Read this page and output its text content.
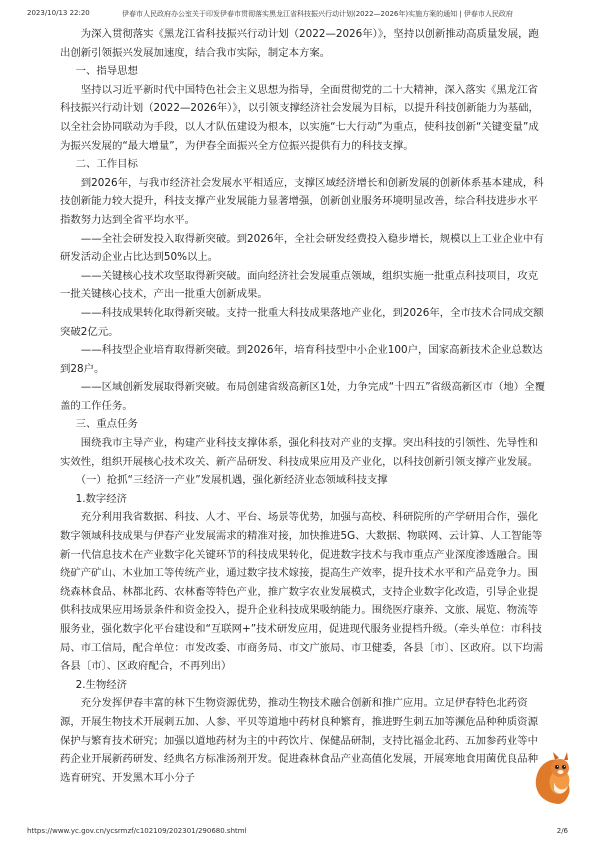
2023/10/13 22:20	伊春市人民政府办公室关于印发伊春市贯彻落实黑龙江省科技振兴行动计划(2022—2026年)实施方案的通知 | 伊春市人民政府

为深入贯彻落实《黑龙江省科技振兴行动计划（2022—2026年）》，坚持以创新推动高质量发展，跑出创新引领振兴发展加速度，结合我市实际，制定本方案。

一、指导思想

坚持以习近平新时代中国特色社会主义思想为指导，全面贯彻党的二十大精神，深入落实《黑龙江省科技振兴行动计划（2022—2026年）》，以引领支撑经济社会发展为目标，以提升科技创新能力为基础，以全社会协同联动为手段，以人才队伍建设为根本，以实施“七大行动”为重点，使科技创新“关键变量”成为振兴发展的“最大增量”，为伊春全面振兴全方位振兴提供有力的科技支撑。

二、工作目标

到2026年，与我市经济社会发展水平相适应，支撑区域经济增长和创新发展的创新体系基本建成，科技创新能力较大提升，科技支撑产业发展能力显著增强，创新创业服务环境明显改善，综合科技进步水平指数努力达到全省平均水平。

——全社会研发投入取得新突破。到2026年，全社会研发经费投入稳步增长，规模以上工业企业中有研发活动企业占比达到50%以上。

——关键核心技术攻坚取得新突破。面向经济社会发展重点领域，组织实施一批重点科技项目，攻克一批关键核心技术，产出一批重大创新成果。

——科技成果转化取得新突破。支持一批重大科技成果落地产业化，到2026年，全市技术合同成交额突破2亿元。

——科技型企业培育取得新突破。到2026年，培育科技型中小企业100户，国家高新技术企业总数达到28户。

——区域创新发展取得新突破。布局创建省级高新区1处，力争完成“十四五”省级高新区市（地）全覆盖的工作任务。

三、重点任务

围绕我市主导产业，构建产业科技支撑体系，强化科技对产业的支撑。突出科技的引领性、先导性和实效性，组织开展核心技术攻关、新产品研发、科技成果应用及产业化，以科技创新引领支撑产业发展。

（一）抢抓“三经济一产业”发展机遇，强化新经济业态领域科技支撑

1.数字经济

充分利用我省数据、科技、人才、平台、场景等优势，加强与高校、科研院所的产学研用合作，强化数字领域科技成果与伊春产业发展需求的精准对接，加快推进5G、大数据、物联网、云计算、人工智能等新一代信息技术在产业数字化关键环节的科技成果转化，促进数字技术与我市重点产业深度渗透融合。围绕矿产矿山、木业加工等传统产业，通过数字技术嫁接，提高生产效率，提升技术水平和产品竞争力。围绕森林食品、林都北药、农林畜等特色产业，推广数字农业发展模式，支持企业数字化改造，引导企业提供科技成果应用场景条件和资金投入，提升企业科技成果吸纳能力。围绕医疗康养、文旅、展览、物流等服务业，强化数字化平台建设和“互联网+”技术研发应用，促进现代服务业提档升级。（牵头单位：市科技局、市工信局，配合单位：市发改委、市商务局、市文广旅局、市卫健委，各县〔市〕、区政府。以下均需各县〔市〕、区政府配合，不再列出）

2.生物经济

充分发挥伊春丰富的林下生物资源优势，推动生物技术融合创新和推广应用。立足伊春特色北药资源，开展生物技术开展刺五加、人参、平贝等道地中药材良种繁育，推进野生刺五加等濒危品种种质资源保护与繁育技术研究；加强以道地药材为主的中药饮片、保健品研制，支持比福金北药、五加参药业等中药企业开展新药研发、经典名方标准汤剂开发。促进森林食品产业高值化发展，开展寒地食用菌优良品种选育研究、开发黑木耳小分子

https://www.yc.gov.cn/ycsrmzf/c102109/202301/290680.shtml	2/6
